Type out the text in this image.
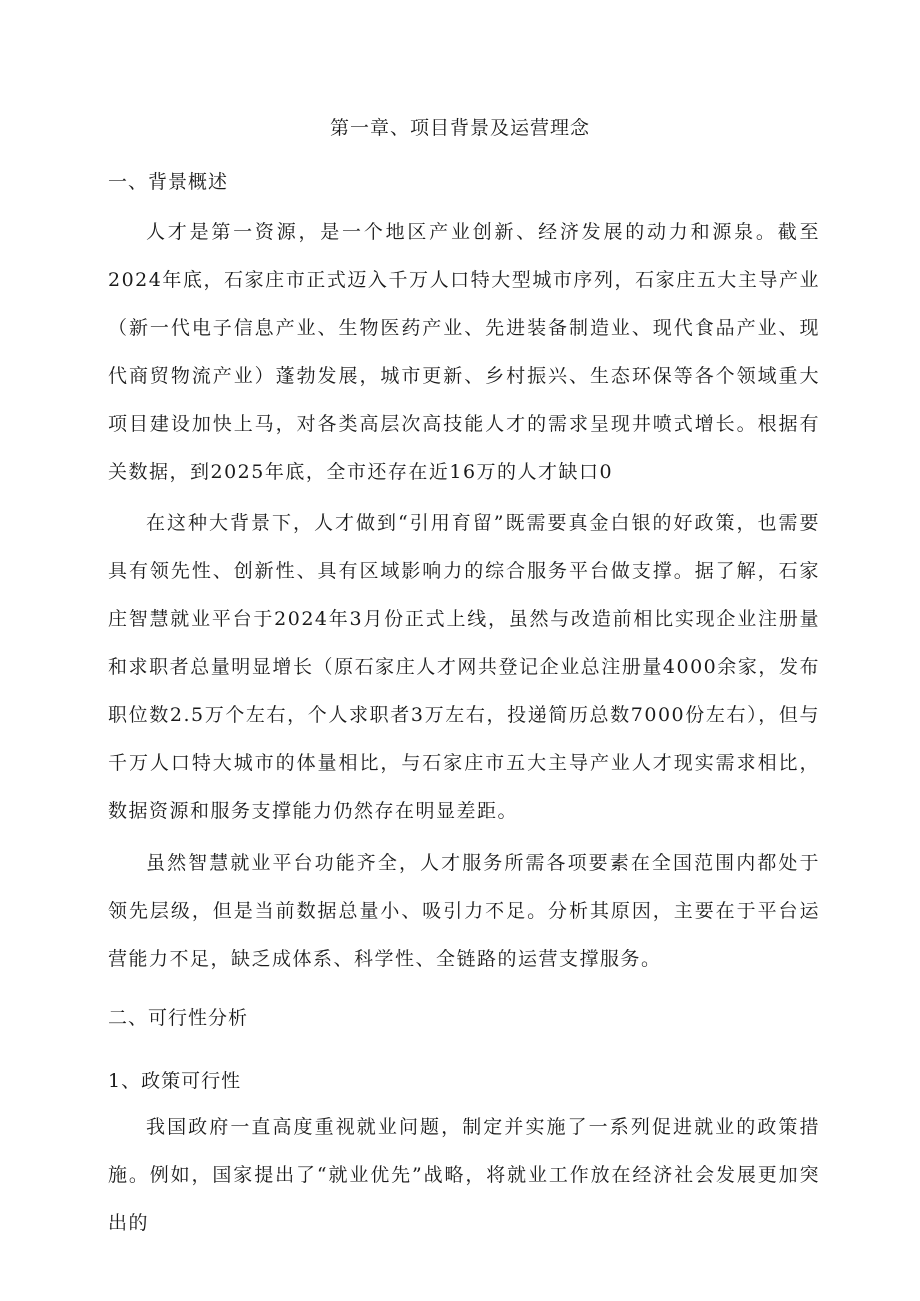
第一章、项目背景及运营理念
一、背景概述

人才是第一资源，是一个地区产业创新、经济发展的动力和源泉。截至2024年底，石家庄市正式迈入千万人口特大型城市序列，石家庄五大主导产业（新一代电子信息产业、生物医药产业、先进装备制造业、现代食品产业、现代商贸物流产业）蓬勃发展，城市更新、乡村振兴、生态环保等各个领域重大项目建设加快上马，对各类高层次高技能人才的需求呈现井喷式增长。根据有关数据，到2025年底，全市还存在近16万的人才缺口0

在这种大背景下，人才做到“引用育留”既需要真金白银的好政策，也需要具有领先性、创新性、具有区域影响力的综合服务平台做支撑。据了解，石家庄智慧就业平台于2024年3月份正式上线，虽然与改造前相比实现企业注册量和求职者总量明显增长（原石家庄人才网共登记企业总注册量4000余家，发布职位数2.5万个左右，个人求职者3万左右，投递简历总数7000份左右），但与千万人口特大城市的体量相比，与石家庄市五大主导产业人才现实需求相比，数据资源和服务支撑能力仍然存在明显差距。

虽然智慧就业平台功能齐全，人才服务所需各项要素在全国范围内都处于领先层级，但是当前数据总量小、吸引力不足。分析其原因，主要在于平台运营能力不足，缺乏成体系、科学性、全链路的运营支撑服务。

二、可行性分析
1、政策可行性

我国政府一直高度重视就业问题，制定并实施了一系列促进就业的政策措施。例如，国家提出了“就业优先”战略，将就业工作放在经济社会发展更加突出的
